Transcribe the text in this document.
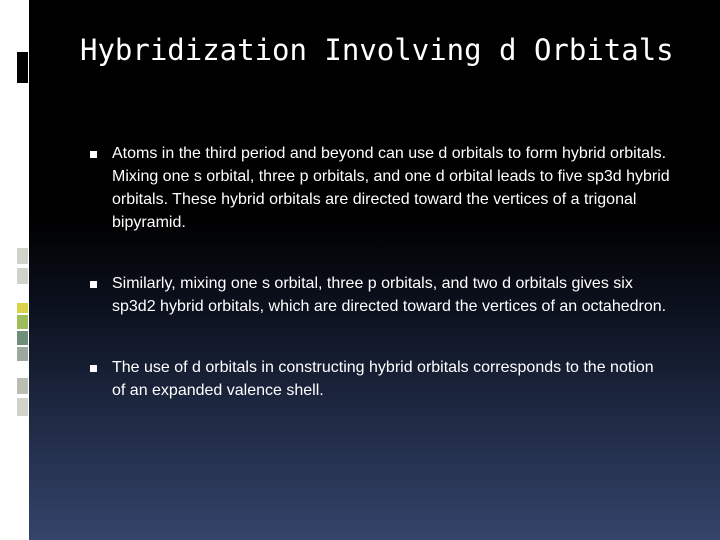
Hybridization Involving d Orbitals
Atoms in the third period and beyond can use d orbitals to form hybrid orbitals. Mixing one s orbital, three p orbitals, and one d orbital leads to five sp3d hybrid orbitals. These hybrid orbitals are directed toward the vertices of a trigonal bipyramid.
Similarly, mixing one s orbital, three p orbitals, and two d orbitals gives six sp3d2 hybrid orbitals, which are directed toward the vertices of an octahedron.
The use of d orbitals in constructing hybrid orbitals corresponds to the notion of an expanded valence shell.
